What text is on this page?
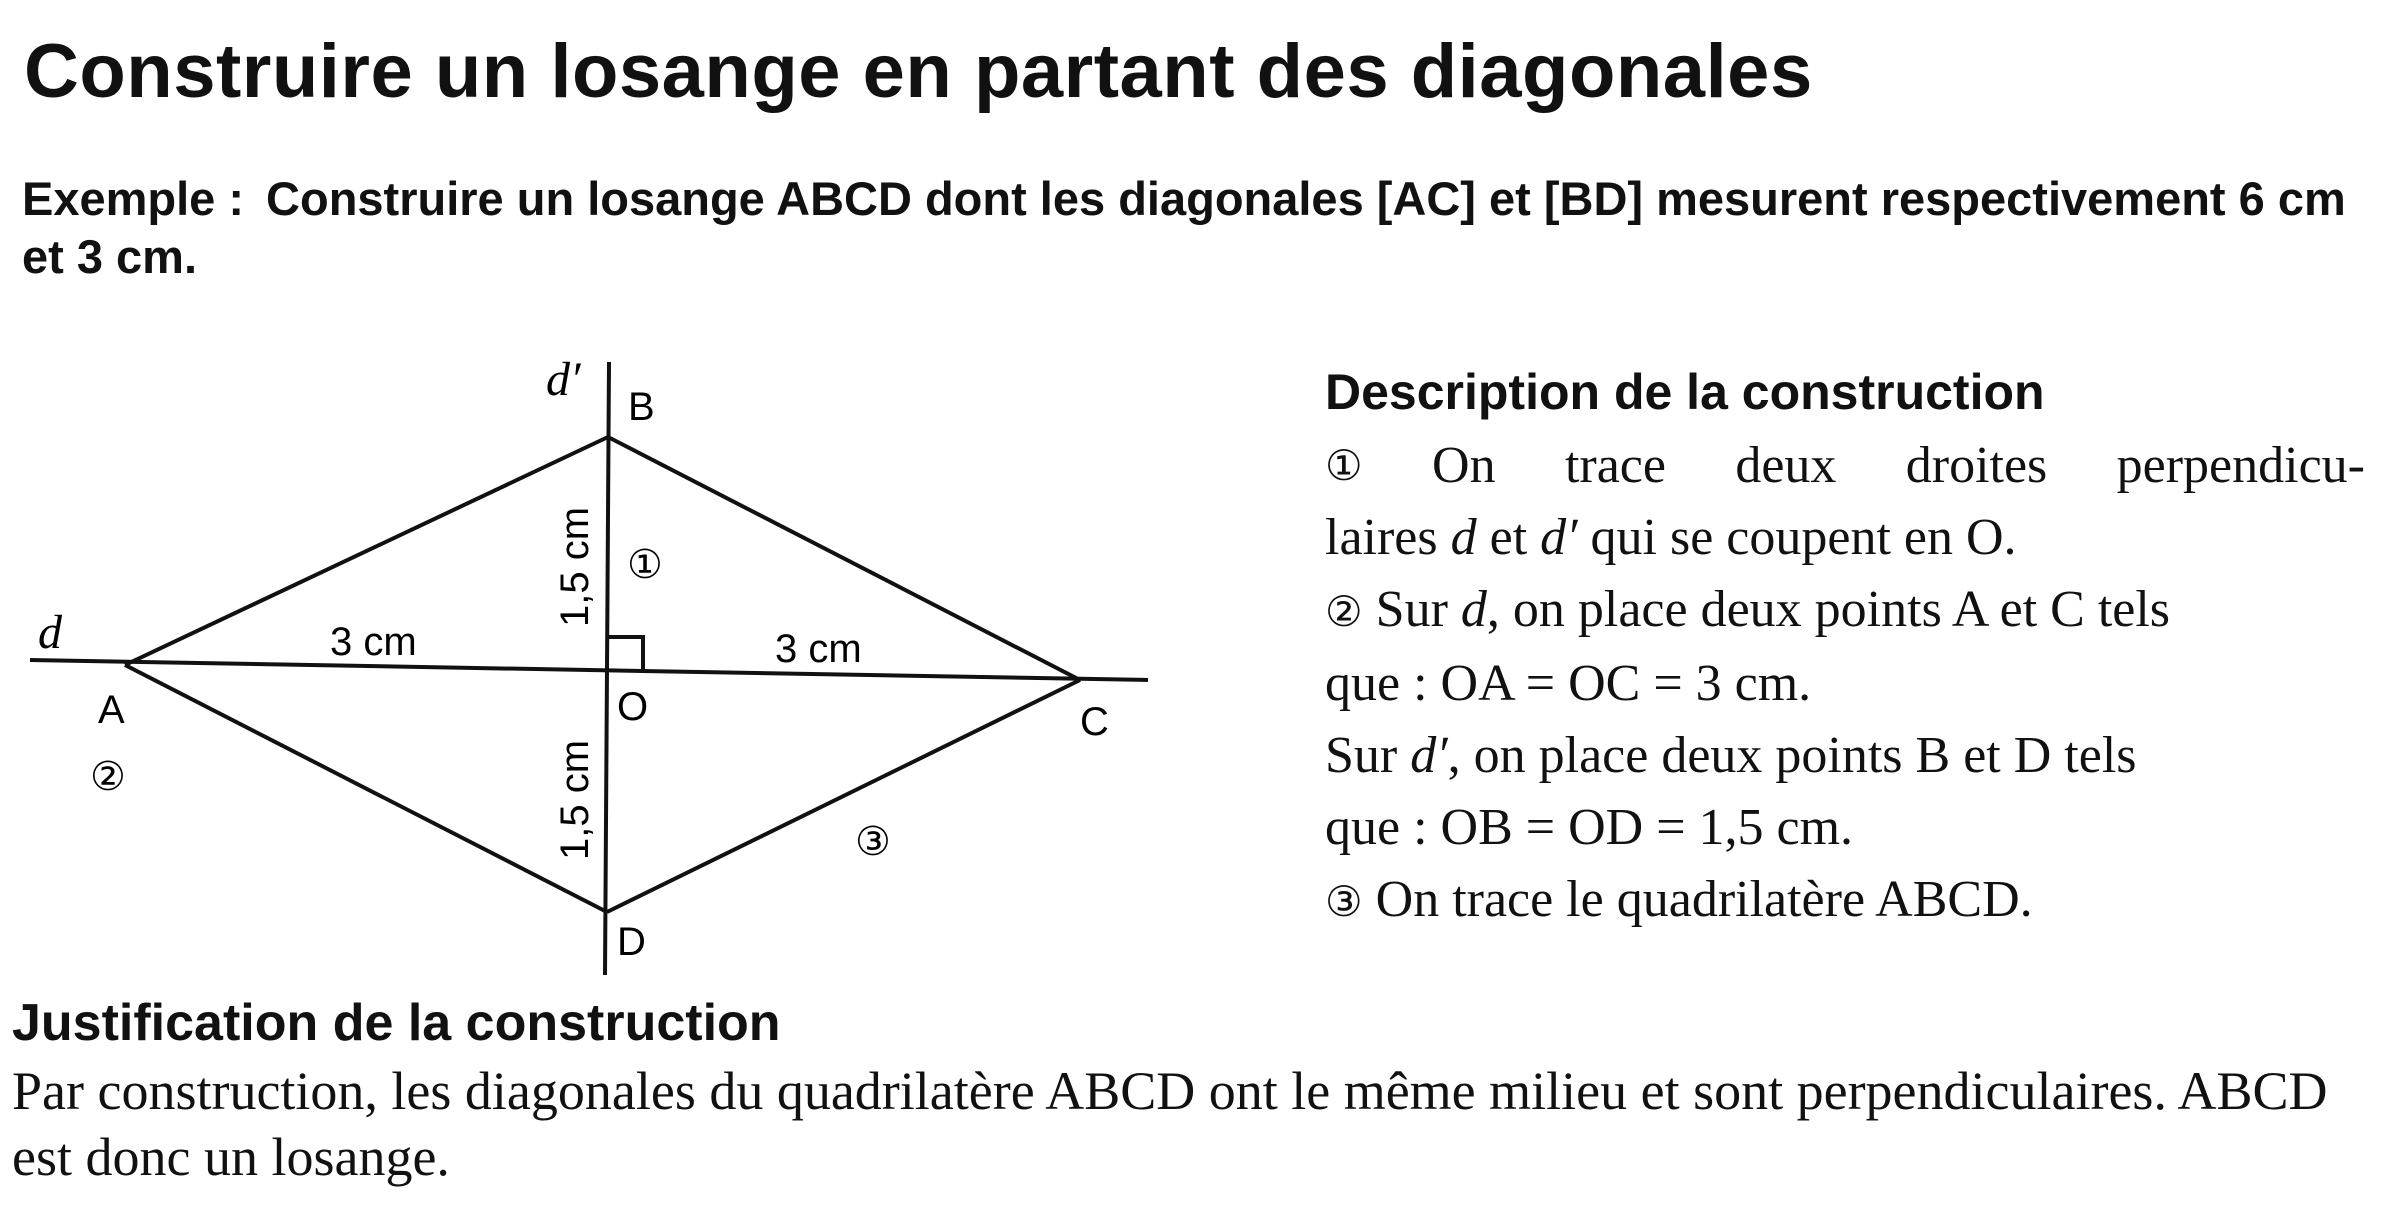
Construire un losange en partant des diagonales

Exemple : Construire un losange ABCD dont les diagonales [AC] et [BD] mesurent respectivement 6 cm et 3 cm.

d
d′
A
B
C
D
O
3 cm	3 cm
1,5 cm
1,5 cm
①
②
③
Description de la construction

① On trace deux droites perpendicu-

laires d et d′ qui se coupent en O.

② Sur d, on place deux points A et C tels

que : OA = OC = 3 cm.

Sur d′, on place deux points B et D tels

que : OB = OD = 1,5 cm.

③ On trace le quadrilatère ABCD.

Justification de la construction

Par construction, les diagonales du quadrilatère ABCD ont le même milieu et sont perpendiculaires. ABCD est donc un losange.
